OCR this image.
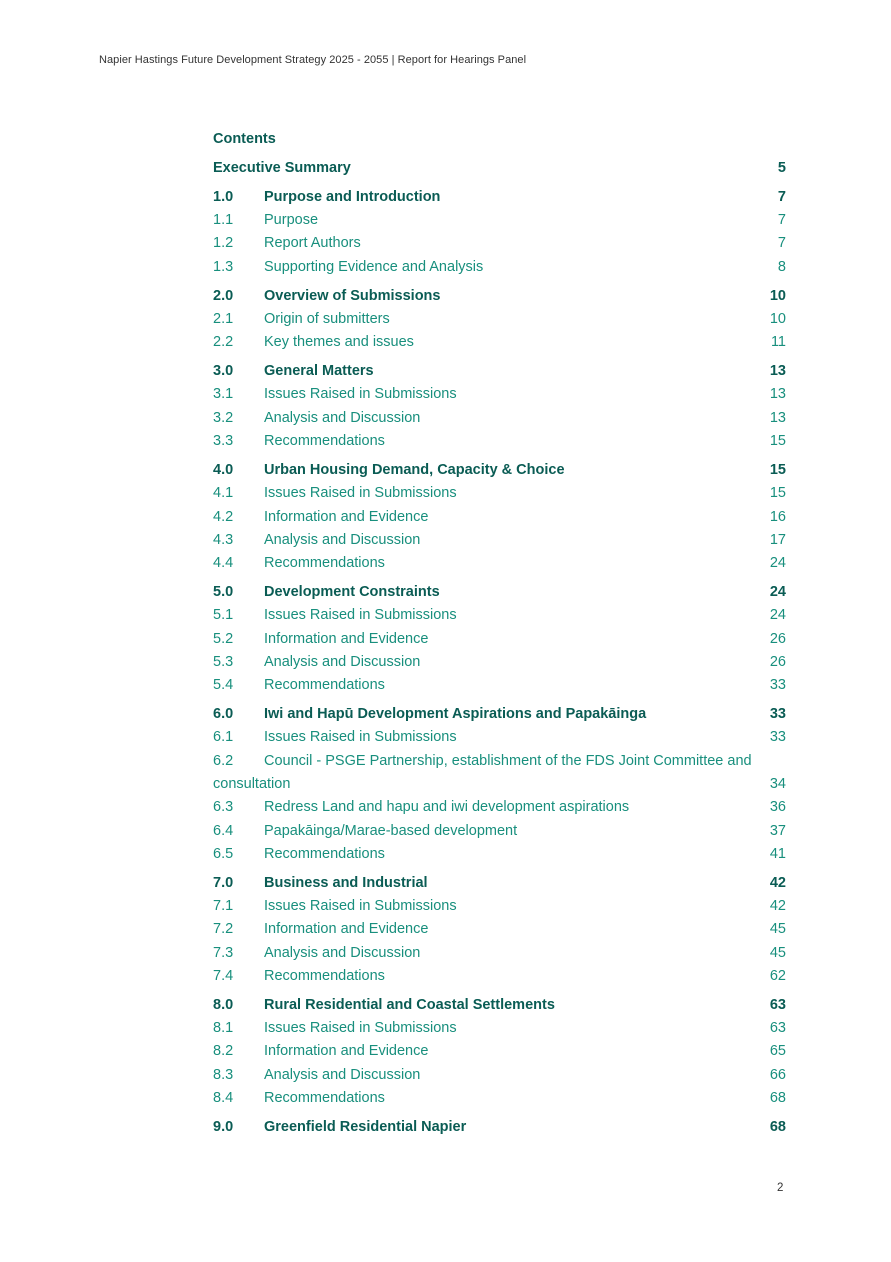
Napier Hastings Future Development Strategy 2025 - 2055 | Report for Hearings Panel
Contents
Executive Summary	5
1.0	Purpose and Introduction	7
1.1	Purpose	7
1.2	Report Authors	7
1.3	Supporting Evidence and Analysis	8
2.0	Overview of Submissions	10
2.1	Origin of submitters	10
2.2	Key themes and issues	11
3.0	General Matters	13
3.1	Issues Raised in Submissions	13
3.2	Analysis and Discussion	13
3.3	Recommendations	15
4.0	Urban Housing Demand, Capacity & Choice	15
4.1	Issues Raised in Submissions	15
4.2	Information and Evidence	16
4.3	Analysis and Discussion	17
4.4	Recommendations	24
5.0	Development Constraints	24
5.1	Issues Raised in Submissions	24
5.2	Information and Evidence	26
5.3	Analysis and Discussion	26
5.4	Recommendations	33
6.0	Iwi and Hapū Development Aspirations and Papakāinga	33
6.1	Issues Raised in Submissions	33
6.2	Council - PSGE Partnership, establishment of the FDS Joint Committee and
consultation	34
6.3	Redress Land and hapu and iwi development aspirations	36
6.4	Papakāinga/Marae-based development	37
6.5	Recommendations	41
7.0	Business and Industrial	42
7.1	Issues Raised in Submissions	42
7.2	Information and Evidence	45
7.3	Analysis and Discussion	45
7.4	Recommendations	62
8.0	Rural Residential and Coastal Settlements	63
8.1	Issues Raised in Submissions	63
8.2	Information and Evidence	65
8.3	Analysis and Discussion	66
8.4	Recommendations	68
9.0	Greenfield Residential Napier	68
2
